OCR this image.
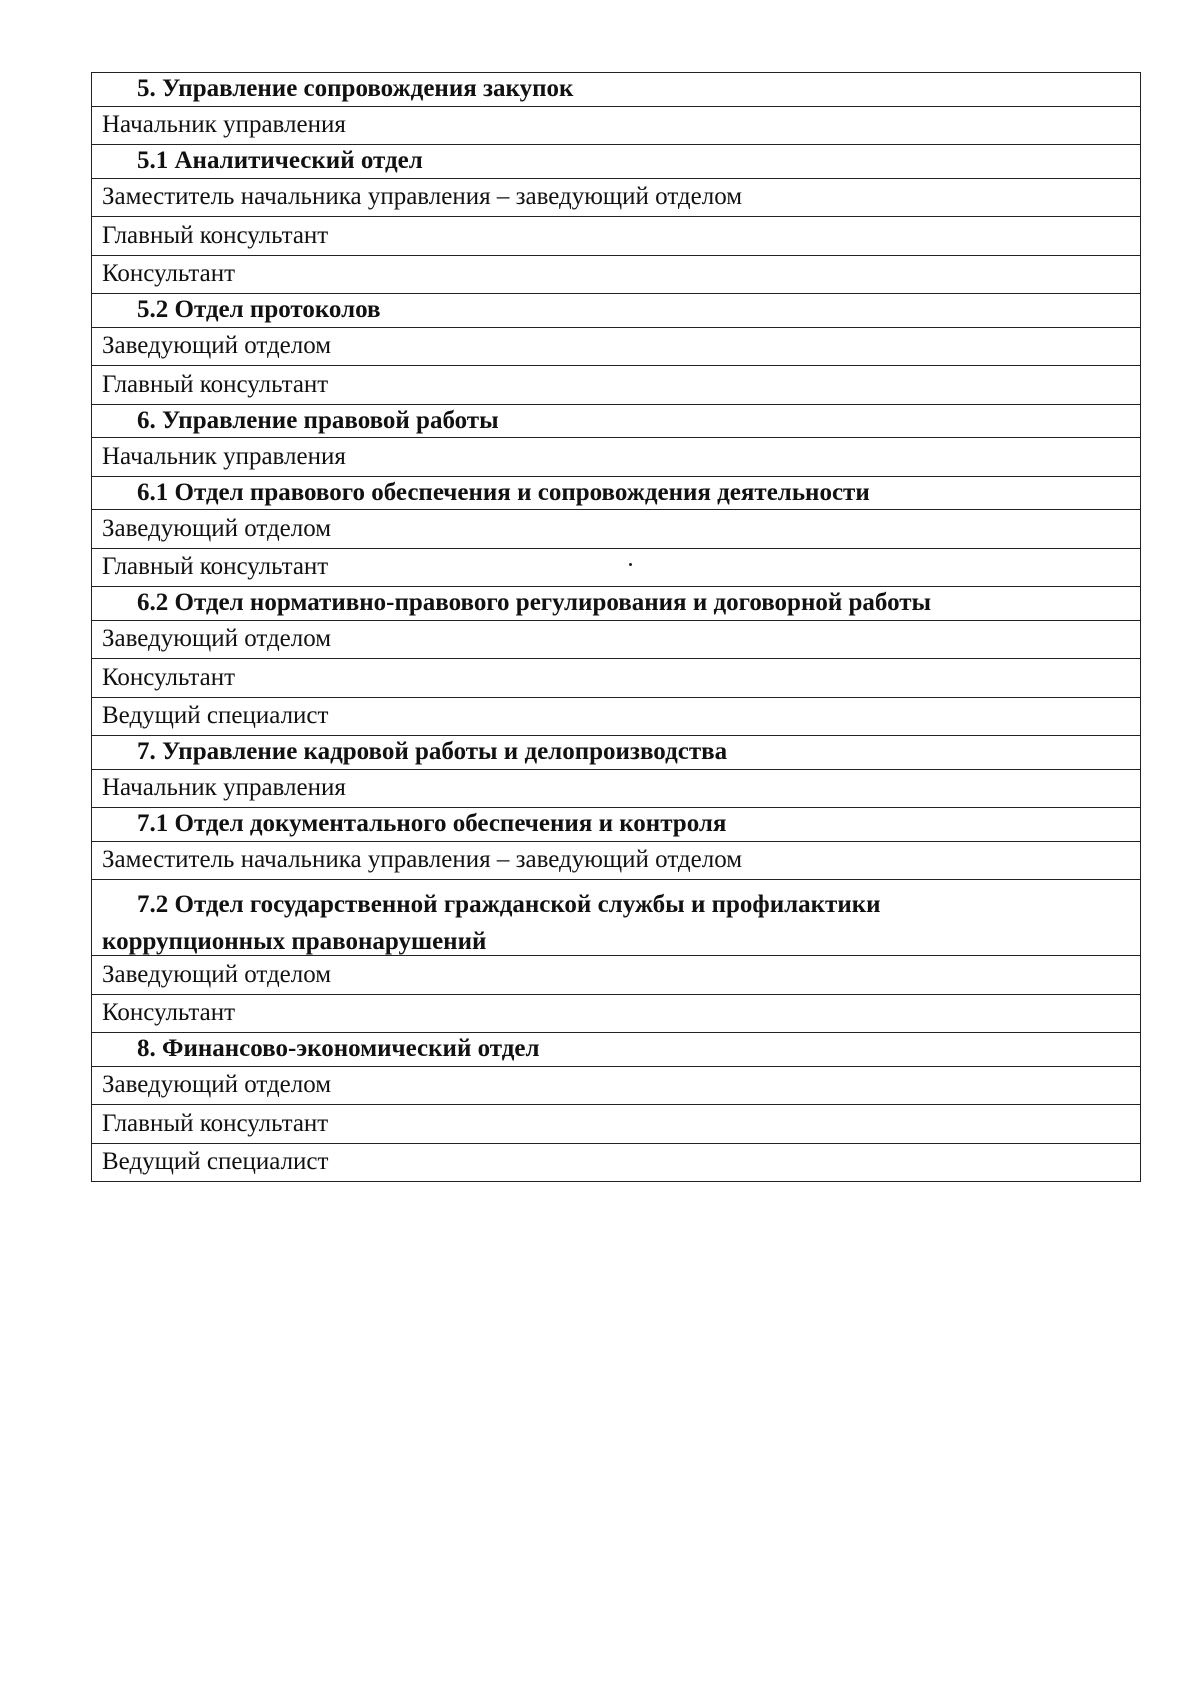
5. Управление сопровождения закупок
Начальник управления
5.1 Аналитический отдел
Заместитель начальника управления – заведующий отделом
Главный консультант
Консультант
5.2 Отдел протоколов
Заведующий отделом
Главный консультант
6. Управление правовой работы
Начальник управления
6.1 Отдел правового обеспечения и сопровождения деятельности
Заведующий отделом
Главный консультант
6.2 Отдел нормативно-правового регулирования и договорной работы
Заведующий отделом
Консультант
Ведущий специалист
7. Управление кадровой работы и делопроизводства
Начальник управления
7.1 Отдел документального обеспечения и контроля
Заместитель начальника управления – заведующий отделом
7.2 Отдел государственной гражданской службы и профилактики
коррупционных правонарушений
Заведующий отделом
Консультант
8. Финансово-экономический отдел
Заведующий отделом
Главный консультант
Ведущий специалист
